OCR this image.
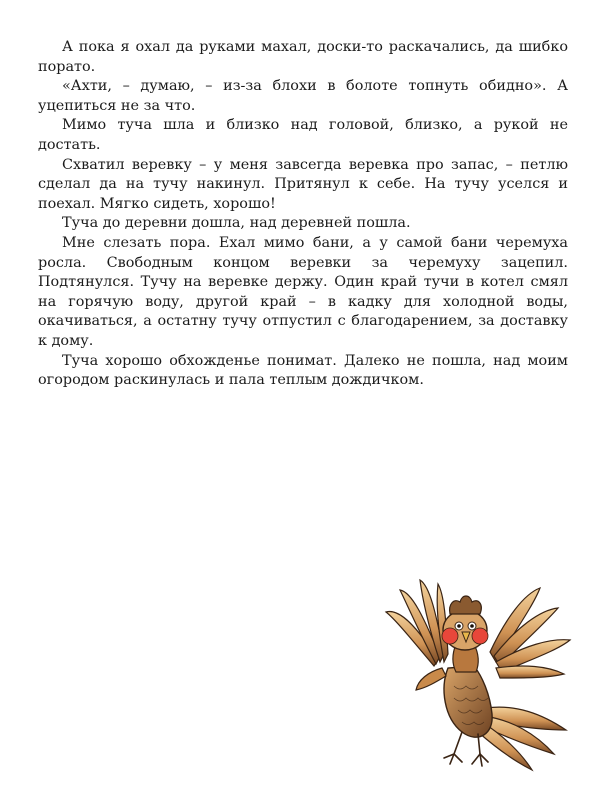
А пока я охал да руками махал, доски-то раскачались, да шибко порато.

«Ахти, – думаю, – из-за блохи в болоте топнуть обидно». А уцепиться не за что.

Мимо туча шла и близко над головой, близко, а рукой не достать.

Схватил веревку – у меня завсегда веревка про запас, – петлю сделал да на тучу накинул. Притянул к себе. На тучу уселся и поехал. Мягко сидеть, хорошо!

Туча до деревни дошла, над деревней пошла.

Мне слезать пора. Ехал мимо бани, а у самой бани черемуха росла. Свободным концом веревки за черемуху зацепил. Подтянулся. Тучу на веревке держу. Один край тучи в котел смял на горячую воду, другой край – в кадку для холодной воды, окачиваться, а остатну тучу отпустил с благодарением, за доставку к дому.

Туча хорошо обхожденье понимат. Далеко не пошла, над моим огородом раскинулась и пала теплым дождичком.
